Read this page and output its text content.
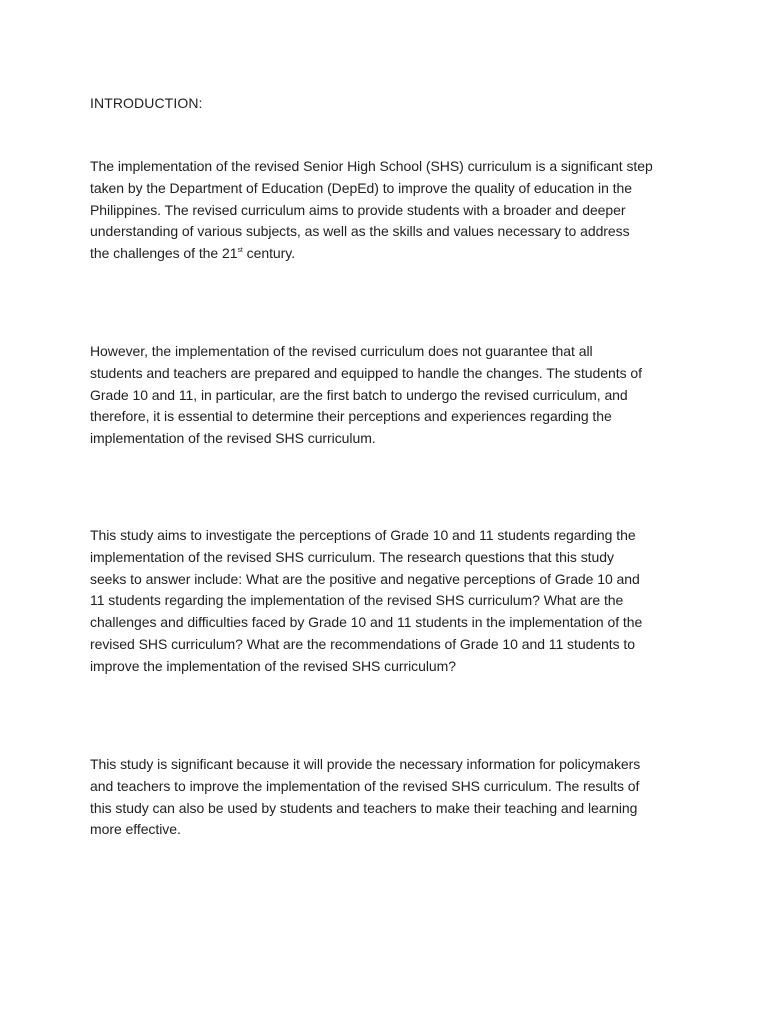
INTRODUCTION:

The implementation of the revised Senior High School (SHS) curriculum is a significant step
taken by the Department of Education (DepEd) to improve the quality of education in the
Philippines. The revised curriculum aims to provide students with a broader and deeper
understanding of various subjects, as well as the skills and values necessary to address
the challenges of the 21st century.

However, the implementation of the revised curriculum does not guarantee that all
students and teachers are prepared and equipped to handle the changes. The students of
Grade 10 and 11, in particular, are the first batch to undergo the revised curriculum, and
therefore, it is essential to determine their perceptions and experiences regarding the
implementation of the revised SHS curriculum.

This study aims to investigate the perceptions of Grade 10 and 11 students regarding the
implementation of the revised SHS curriculum. The research questions that this study
seeks to answer include: What are the positive and negative perceptions of Grade 10 and
11 students regarding the implementation of the revised SHS curriculum? What are the
challenges and difficulties faced by Grade 10 and 11 students in the implementation of the
revised SHS curriculum? What are the recommendations of Grade 10 and 11 students to
improve the implementation of the revised SHS curriculum?

This study is significant because it will provide the necessary information for policymakers
and teachers to improve the implementation of the revised SHS curriculum. The results of
this study can also be used by students and teachers to make their teaching and learning
more effective.
